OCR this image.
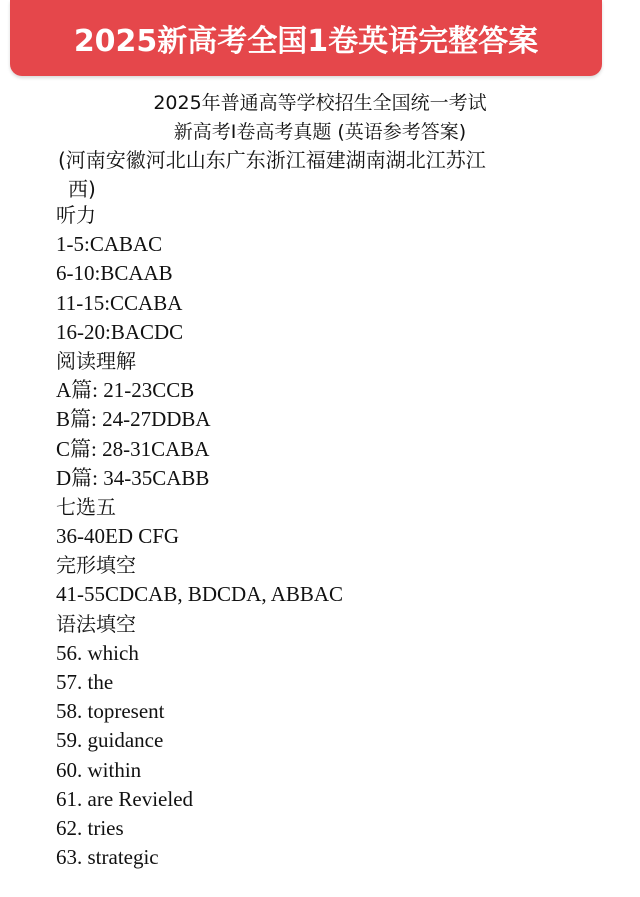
2025新高考全国1卷英语完整答案
2025年普通高等学校招生全国统一考试
新高考Ⅰ卷高考真题 (英语参考答案)
(河南安徽河北山东广东浙江福建湖南湖北江苏江
西)
听力
1-5:CABAC
6-10:BCAAB
11-15:CCABA
16-20:BACDC
阅读理解
A篇: 21-23CCB
B篇: 24-27DDBA
C篇: 28-31CABA
D篇: 34-35CABB
七选五
36-40ED CFG
完形填空
41-55CDCAB, BDCDA, ABBAC
语法填空
56. which
57. the
58. topresent
59. guidance
60. within
61. are Revieled
62. tries
63. strategic
